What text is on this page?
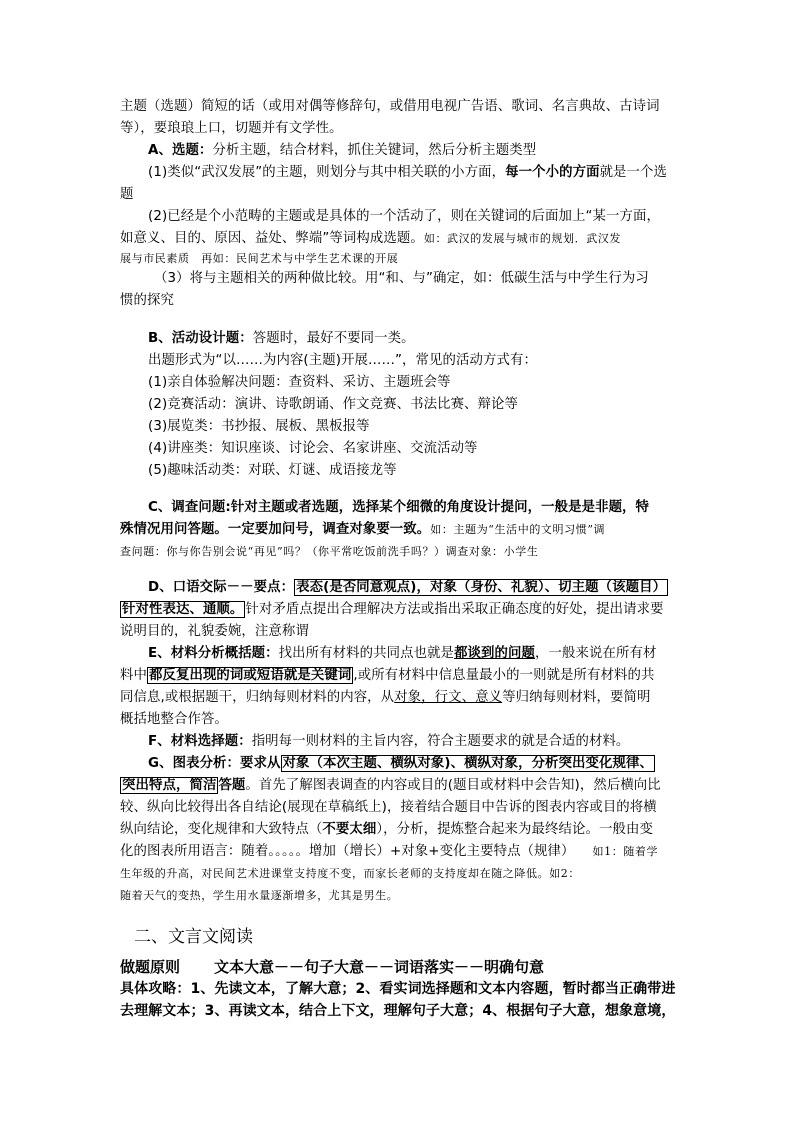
主题（选题）简短的话（或用对偶等修辞句，或借用电视广告语、歌词、名言典故、古诗词
等），要琅琅上口，切题并有文学性。
A、选题：分析主题，结合材料，抓住关键词，然后分析主题类型
(1)类似“武汉发展”的主题，则划分与其中相关联的小方面，每一个小的方面就是一个选
题
(2)已经是个小范畴的主题或是具体的一个活动了，则在关键词的后面加上“某一方面，
如意义、目的、原因、益处、弊端”等词构成选题。如：武汉的发展与城市的规划．武汉发
展与市民素质　再如：民间艺术与中学生艺术课的开展
（3）将与主题相关的两种做比较。用“和、与”确定，如：低碳生活与中学生行为习
惯的探究
B、活动设计题：答题时，最好不要同一类。
出题形式为“以……为内容(主题)开展……”，常见的活动方式有：
(1)亲自体验解决问题：查资料、采访、主题班会等
(2)竞赛活动：演讲、诗歌朗诵、作文竞赛、书法比赛、辩论等
(3)展览类：书抄报、展板、黑板报等
(4)讲座类：知识座谈、讨论会、名家讲座、交流活动等
(5)趣味活动类：对联、灯谜、成语接龙等
C、调查问题:针对主题或者选题，选择某个细微的角度设计提问，一般是是非题，特
殊情况用问答题。一定要加问号，调查对象要一致。如：主题为“生活中的文明习惯”调
查问题：你与你告别会说“再见”吗？（你平常吃饭前洗手吗？）调查对象：小学生
D、口语交际－－要点： 表态(是否同意观点)，对象（身份、礼貌）、切主题（该题目）
针对性表达、通顺。 针对矛盾点提出合理解决方法或指出采取正确态度的好处，提出请求要
说明目的，礼貌委婉，注意称谓
E、材料分析概括题：找出所有材料的共同点也就是都谈到的问题，一般来说在所有材
料中 都反复出现的词或短语就是关键词 ,或所有材料中信息量最小的一则就是所有材料的共
同信息,或根据题干，归纳每则材料的内容，从对象，行文、意义等归纳每则材料，要简明
概括地整合作答。
F、材料选择题：指明每一则材料的主旨内容，符合主题要求的就是合适的材料。
G、图表分析：要求从 对象（本次主题、横纵对象)、横纵对象，分析突出变化规律、
突出特点，简洁 答题。首先了解图表调查的内容或目的(题目或材料中会告知)，然后横向比
较、纵向比较得出各自结论(展现在草稿纸上)，接着结合题目中告诉的图表内容或目的将横
纵向结论，变化规律和大致特点（不要太细），分析，提炼整合起来为最终结论。一般由变
化的图表所用语言：随着。。。。。增加（增长）+对象+变化主要特点（规律） 如1：随着学
生年级的升高，对民间艺术进课堂支持度不变，而家长老师的支持度却在随之降低。如2：
随着天气的变热，学生用水量逐渐增多，尤其是男生。
二、文言文阅读
做题原则 文本大意－－句子大意－－词语落实－－明确句意
具体攻略：1、先读文本，了解大意；2、看实词选择题和文本内容题，暂时都当正确带进
去理解文本；3、再读文本，结合上下文，理解句子大意；4、根据句子大意，想象意境，
